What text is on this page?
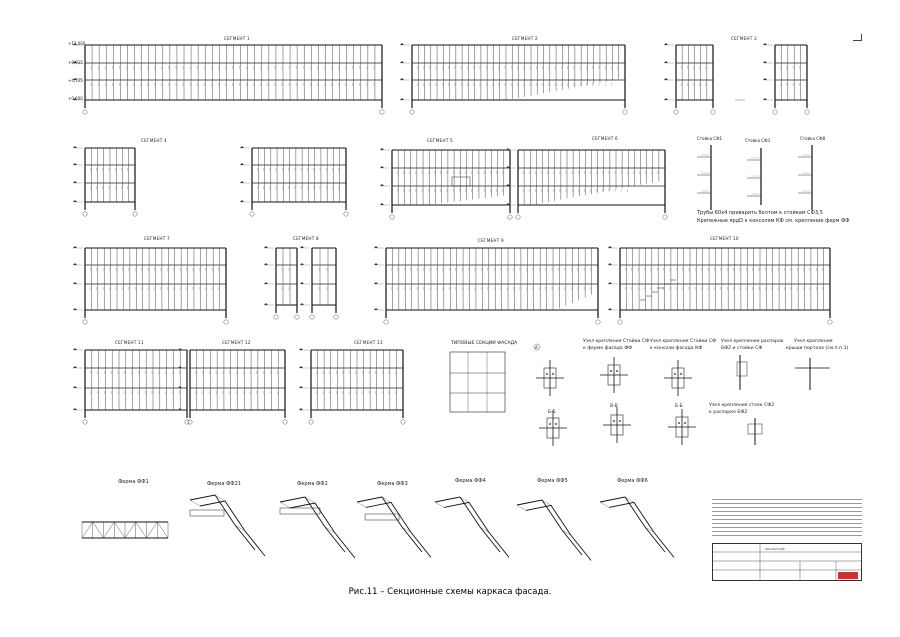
СЕГМЕНТ 1	СЕГМЕНТ 2	СЕГМЕНТ 3
СЕГМЕНТ 4	СЕГМЕНТ 5	СЕГМЕНТ 6
СЕГМЕНТ 7	СЕГМЕНТ 8	СЕГМЕНТ 9	СЕГМЕНТ 10
СЕГМЕНТ 11	СЕГМЕНТ 12	СЕГМЕНТ 13
+12,000
+8,925
+4,725
+0,600
Стойка СФ1	Стойка СФ3	Стойка СФ8
Трубы 60х4 приварить болтом к стойкам СФ3,5
Крепежные ярдD к консолям КФ см. крепление ферм ФФ
ТИПОВЫЕ СЕКЦИИ ФАСАДА
А
Узел крепления Стойки СФ
к ферме фасада ФФ
Узел крепления Стойки СФ
к консоли фасада КФ
Узел крепления распорок
БФ2 и стойки СФ
Узел крепления
крыши портала (см.п.п.1)
Узел крепления стоек СФ2
к распорке БФ2
Б-Б
В-В	Б-Б
Ферма ФФ1	Ферма ФФ21	Ферма ФФ2	Ферма ФФ3	Ферма ФФ4	Ферма ФФ5	Ферма ФФ6
ФО-2023-КМ
Рис.11 – Секционные схемы каркаса фасада.
